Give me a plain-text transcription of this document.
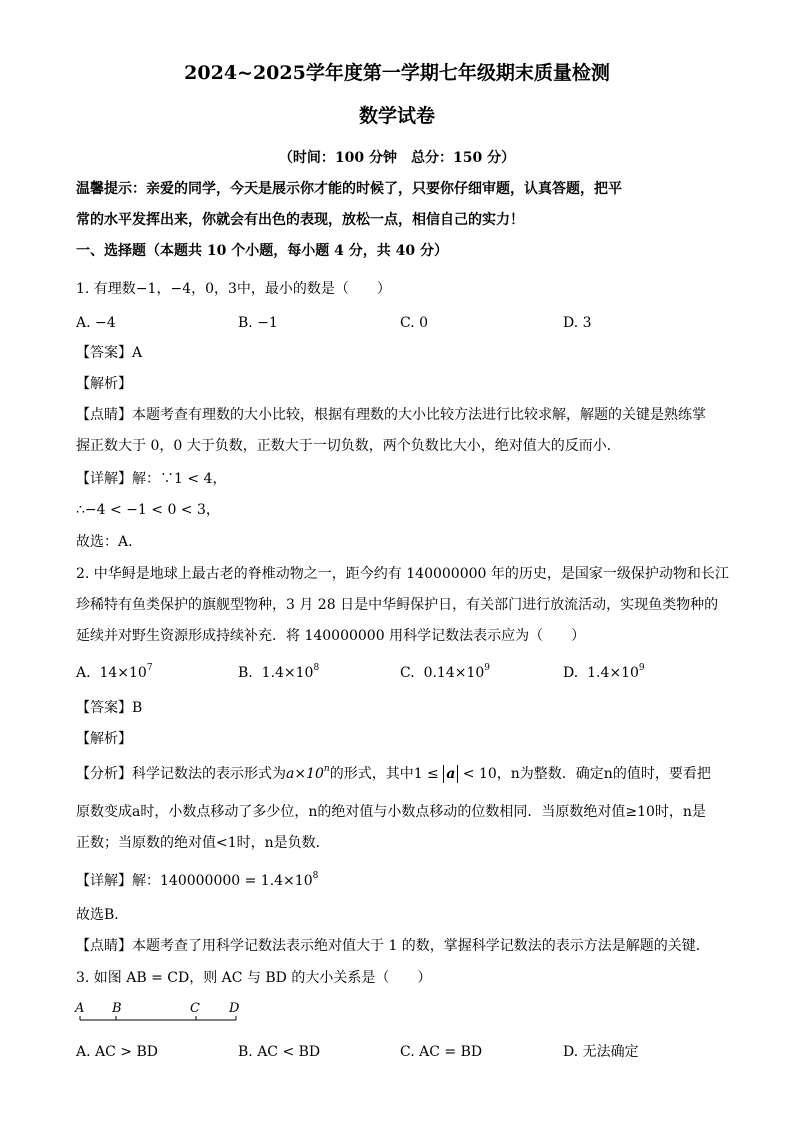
2024~2025学年度第一学期七年级期末质量检测
数学试卷
（时间：100 分钟　总分：150 分）
温馨提示：亲爱的同学，今天是展示你才能的时候了，只要你仔细审题，认真答题，把平
常的水平发挥出来，你就会有出色的表现，放松一点，相信自己的实力！
一、选择题（本题共 10 个小题，每小题 4 分，共 40 分）
1. 有理数−1，−4，0，3中，最小的数是（　　）
A. −4	B. −1	C. 0	D. 3
【答案】A
【解析】
【点睛】本题考查有理数的大小比较，根据有理数的大小比较方法进行比较求解，解题的关键是熟练掌
握正数大于 0，0 大于负数，正数大于一切负数，两个负数比大小，绝对值大的反而小．
【详解】解：∵1 < 4，
∴−4 < −1 < 0 < 3，
故选：A．
2. 中华鲟是地球上最古老的脊椎动物之一，距今约有 140000000 年的历史，是国家一级保护动物和长江
珍稀特有鱼类保护的旗舰型物种，3 月 28 日是中华鲟保护日，有关部门进行放流活动，实现鱼类物种的
延续并对野生资源形成持续补充．将 140000000 用科学记数法表示应为（　　）
A. $14\times 10^7$	B. $1.4\times 10^8$	C. $0.14\times 10^9$	D. $1.4\times 10^9$
【答案】B
【解析】
【分析】科学记数法的表示形式为$a\times 10^n$的形式，其中1 ≤ a < 10，n为整数．确定n的值时，要看把
原数变成a时，小数点移动了多少位，n的绝对值与小数点移动的位数相同．当原数绝对值≥10时，n是
正数；当原数的绝对值<1时，n是负数．
【详解】解：$140000000 = 1.4\times 10^8$
故选B．
【点睛】本题考查了用科学记数法表示绝对值大于 1 的数，掌握科学记数法的表示方法是解题的关键．
3. 如图 AB = CD，则 AC 与 BD 的大小关系是（　　）
A B	C D
A. AC > BD	B. AC < BD	C. AC = BD	D. 无法确定
